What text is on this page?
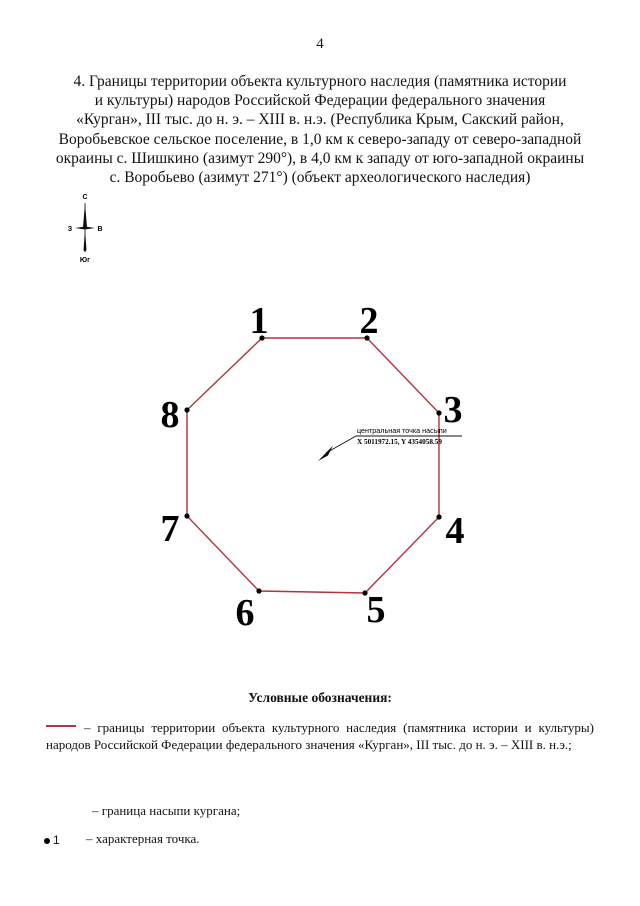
4
4. Границы территории объекта культурного наследия (памятника истории
и культуры) народов Российской Федерации федерального значения
«Курган», III тыс. до н. э. – XIII в. н.э. (Республика Крым, Сакский район,
Воробьевское сельское поселение, в 1,0 км к северо-западу от северо-западной
окраины с. Шишкино (азимут 290°), в 4,0 км к западу от юго-западной окраины
с. Воробьево (азимут 271°) (объект археологического наследия)
С
З	В
Юг
1 2
3
4
5
6
7
8	центральная точка насыпи
X 5011972.15, Y 4354058.59
Условные обозначения:
– границы территории объекта культурного наследия (памятника истории и культуры) народов Российской Федерации федерального значения «Курган», III тыс. до н. э. – XIII в. н.э.;
– граница насыпи кургана;
1 – характерная точка.
